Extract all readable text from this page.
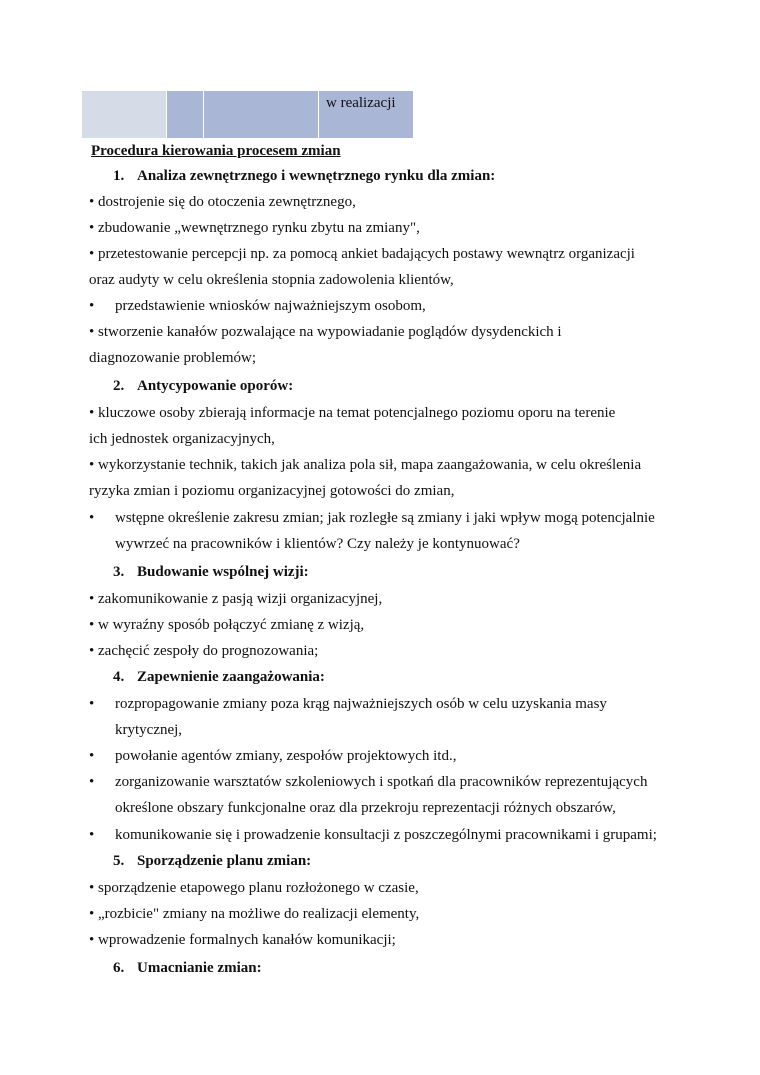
w realizacji
Procedura kierowania procesem zmian
1. Analiza zewnętrznego i wewnętrznego rynku dla zmian:
• dostrojenie się do otoczenia zewnętrznego,
• zbudowanie „wewnętrznego rynku zbytu na zmiany",
• przetestowanie percepcji np. za pomocą ankiet badających postawy wewnątrz organizacji
oraz audyty w celu określenia stopnia zadowolenia klientów,
• przedstawienie wniosków najważniejszym osobom,
• stworzenie kanałów pozwalające na wypowiadanie poglądów dysydenckich i
diagnozowanie problemów;
2. Antycypowanie oporów:
• kluczowe osoby zbierają informacje na temat potencjalnego poziomu oporu na terenie
ich jednostek organizacyjnych,
• wykorzystanie technik, takich jak analiza pola sił, mapa zaangażowania, w celu określenia
ryzyka zmian i poziomu organizacyjnej gotowości do zmian,
• wstępne określenie zakresu zmian; jak rozległe są zmiany i jaki wpływ mogą potencjalnie
wywrzeć na pracowników i klientów? Czy należy je kontynuować?
3. Budowanie wspólnej wizji:
• zakomunikowanie z pasją wizji organizacyjnej,
• w wyraźny sposób połączyć zmianę z wizją,
• zachęcić zespoły do prognozowania;
4. Zapewnienie zaangażowania:
• rozpropagowanie zmiany poza krąg najważniejszych osób w celu uzyskania masy
krytycznej,
• powołanie agentów zmiany, zespołów projektowych itd.,
• zorganizowanie warsztatów szkoleniowych i spotkań dla pracowników reprezentujących
określone obszary funkcjonalne oraz dla przekroju reprezentacji różnych obszarów,
• komunikowanie się i prowadzenie konsultacji z poszczególnymi pracownikami i grupami;
5. Sporządzenie planu zmian:
• sporządzenie etapowego planu rozłożonego w czasie,
• „rozbicie" zmiany na możliwe do realizacji elementy,
• wprowadzenie formalnych kanałów komunikacji;
6. Umacnianie zmian:
